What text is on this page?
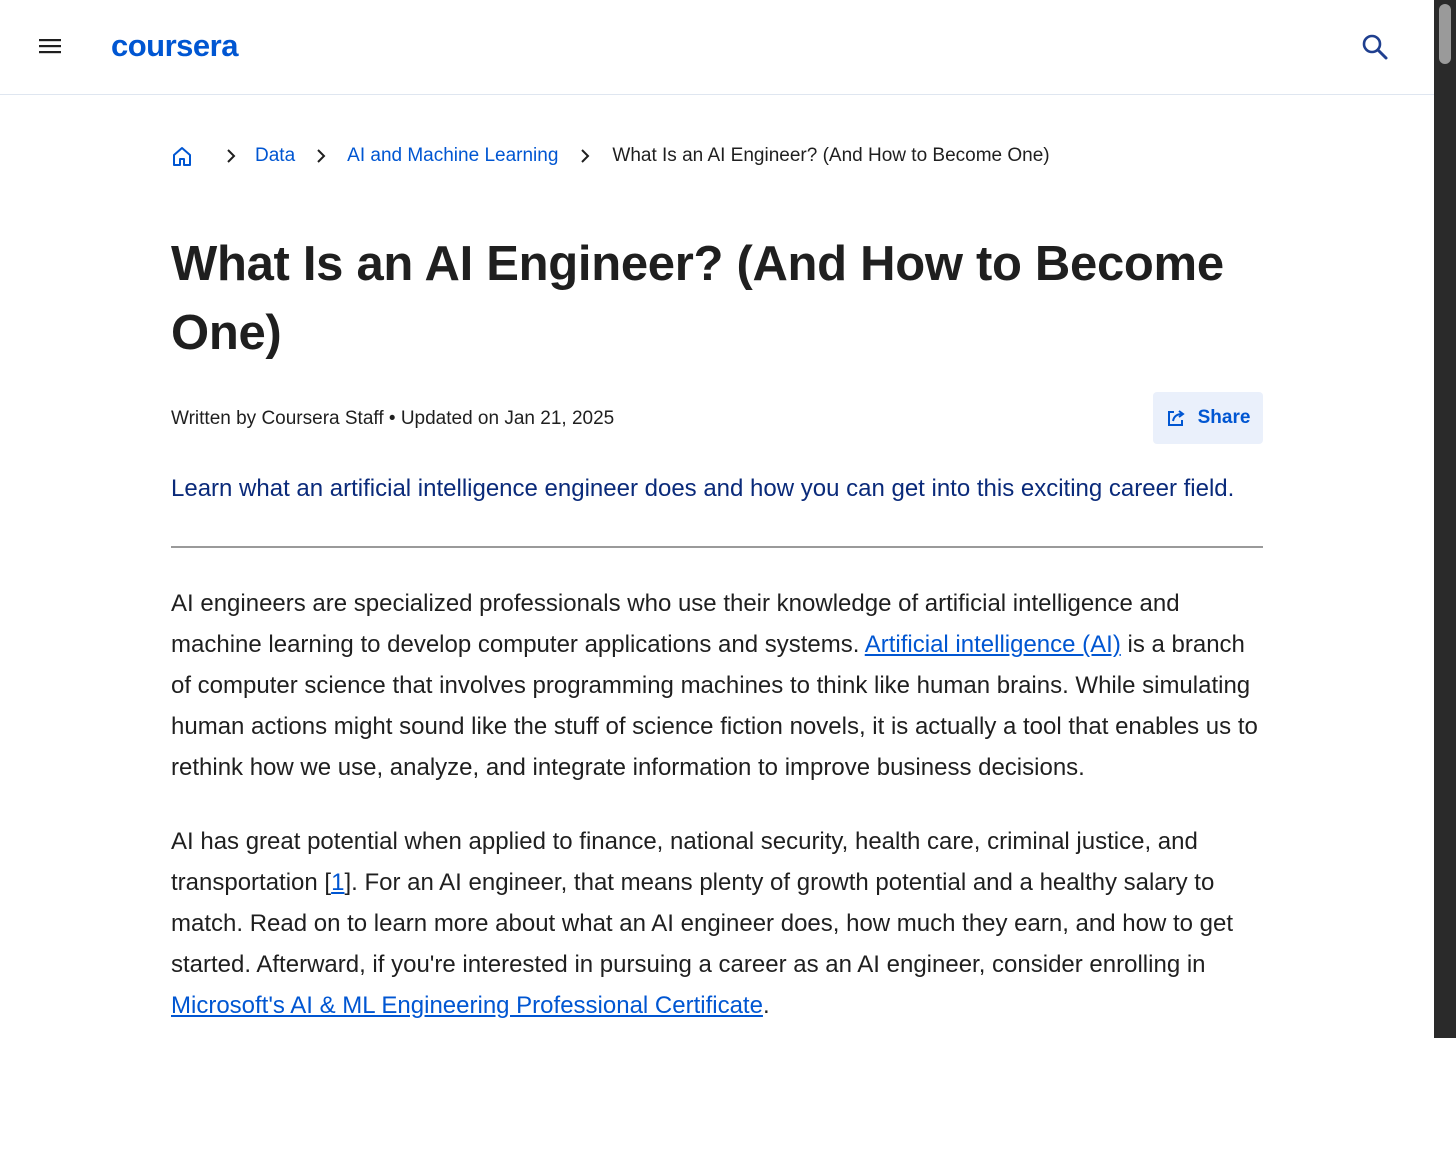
coursera
Data	AI and Machine Learning	What Is an AI Engineer? (And How to Become One)
What Is an AI Engineer? (And How to Become One)
Written by Coursera Staff • Updated on Jan 21, 2025	Share

Learn what an artificial intelligence engineer does and how you can get into this exciting career field.

AI engineers are specialized professionals who use their knowledge of artificial intelligence and machine learning to develop computer applications and systems. Artificial intelligence (AI) is a branch of computer science that involves programming machines to think like human brains. While simulating human actions might sound like the stuff of science fiction novels, it is actually a tool that enables us to rethink how we use, analyze, and integrate information to improve business decisions.

AI has great potential when applied to finance, national security, health care, criminal justice, and transportation [1]. For an AI engineer, that means plenty of growth potential and a healthy salary to match. Read on to learn more about what an AI engineer does, how much they earn, and how to get started. Afterward, if you're interested in pursuing a career as an AI engineer, consider enrolling in Microsoft's AI & ML Engineering Professional Certificate.
